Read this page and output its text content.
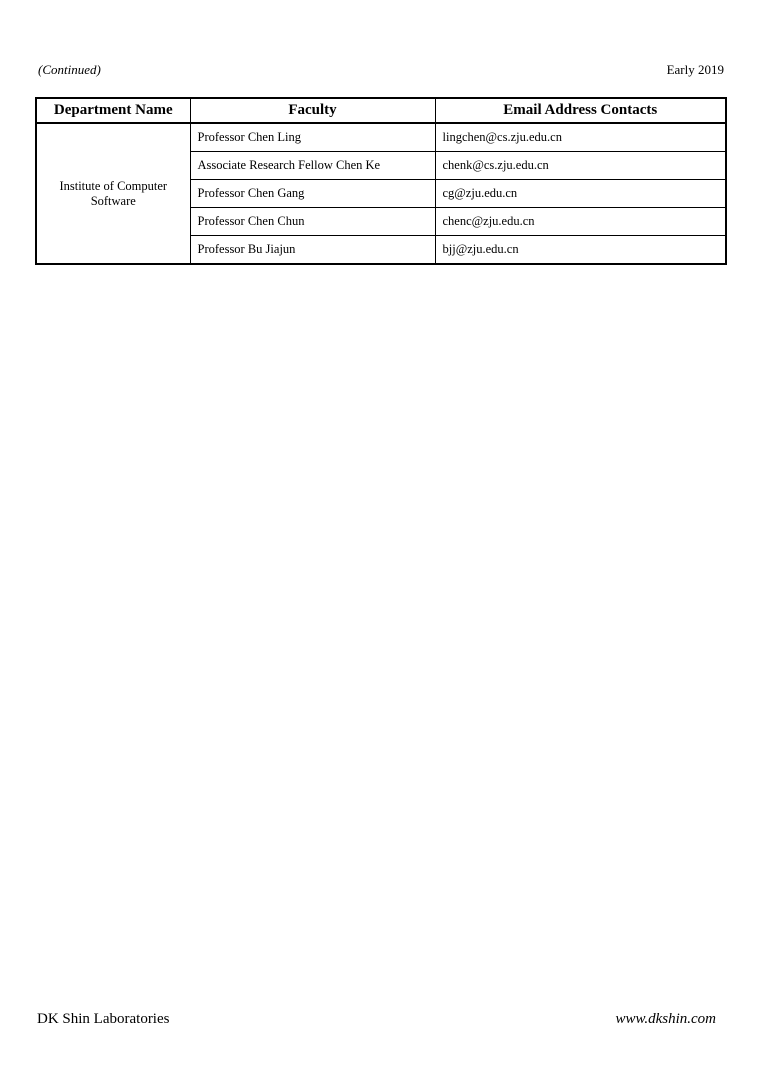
(Continued)	Early 2019
Department Name	Faculty	Email Address Contacts
Institute of Computer Software	Professor Chen Ling	lingchen@cs.zju.edu.cn
	Associate Research Fellow Chen Ke	chenk@cs.zju.edu.cn
	Professor Chen Gang	cg@zju.edu.cn
	Professor Chen Chun	chenc@zju.edu.cn
	Professor Bu Jiajun	bjj@zju.edu.cn
DK Shin Laboratories	www.dkshin.com
